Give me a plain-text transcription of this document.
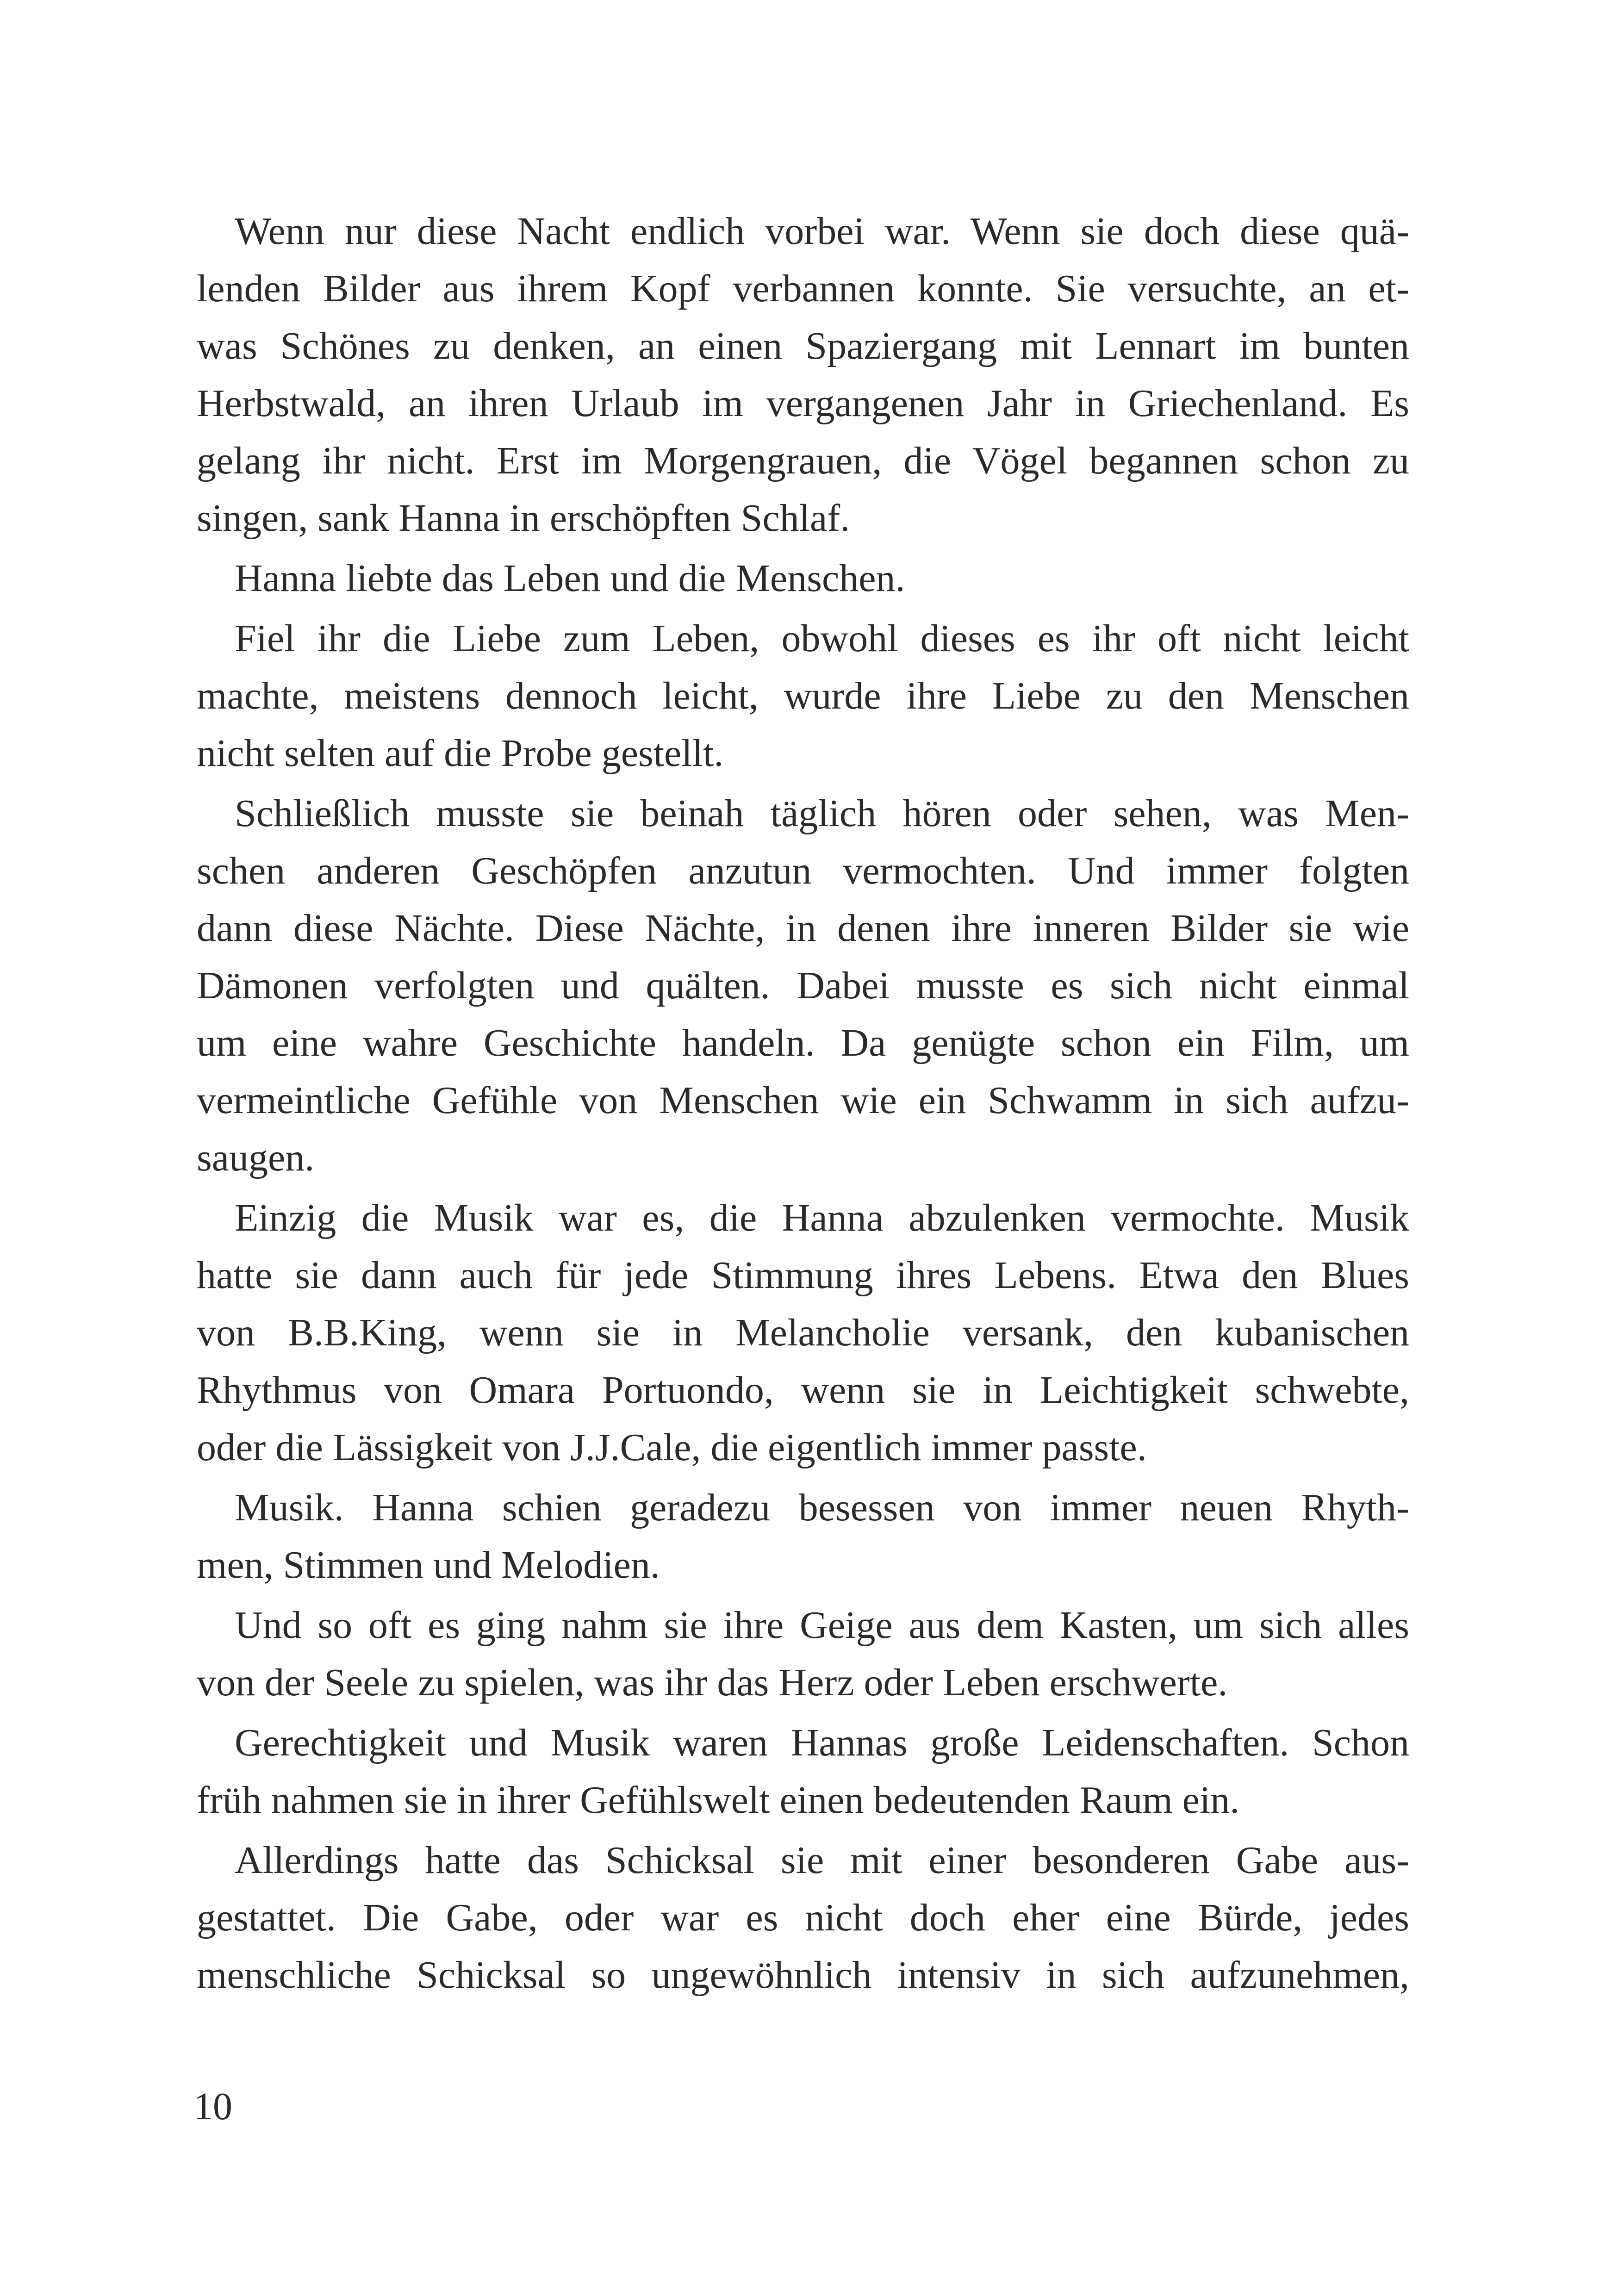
Wenn nur diese Nacht endlich vorbei war. Wenn sie doch diese quä-
lenden Bilder aus ihrem Kopf verbannen konnte. Sie versuchte, an et-
was Schönes zu denken, an einen Spaziergang mit Lennart im bunten
Herbstwald, an ihren Urlaub im vergangenen Jahr in Griechenland. Es
gelang ihr nicht. Erst im Morgengrauen, die Vögel begannen schon zu
singen, sank Hanna in erschöpften Schlaf.
Hanna liebte das Leben und die Menschen.
Fiel ihr die Liebe zum Leben, obwohl dieses es ihr oft nicht leicht
machte, meistens dennoch leicht, wurde ihre Liebe zu den Menschen
nicht selten auf die Probe gestellt.
Schließlich musste sie beinah täglich hören oder sehen, was Men-
schen anderen Geschöpfen anzutun vermochten. Und immer folgten
dann diese Nächte. Diese Nächte, in denen ihre inneren Bilder sie wie
Dämonen verfolgten und quälten. Dabei musste es sich nicht einmal
um eine wahre Geschichte handeln. Da genügte schon ein Film, um
vermeintliche Gefühle von Menschen wie ein Schwamm in sich aufzu-
saugen.
Einzig die Musik war es, die Hanna abzulenken vermochte. Musik
hatte sie dann auch für jede Stimmung ihres Lebens. Etwa den Blues
von B.B.King, wenn sie in Melancholie versank, den kubanischen
Rhythmus von Omara Portuondo, wenn sie in Leichtigkeit schwebte,
oder die Lässigkeit von J.J.Cale, die eigentlich immer passte.
Musik. Hanna schien geradezu besessen von immer neuen Rhyth-
men, Stimmen und Melodien.
Und so oft es ging nahm sie ihre Geige aus dem Kasten, um sich alles
von der Seele zu spielen, was ihr das Herz oder Leben erschwerte.
Gerechtigkeit und Musik waren Hannas große Leidenschaften. Schon
früh nahmen sie in ihrer Gefühlswelt einen bedeutenden Raum ein.
Allerdings hatte das Schicksal sie mit einer besonderen Gabe aus-
gestattet. Die Gabe, oder war es nicht doch eher eine Bürde, jedes
menschliche Schicksal so ungewöhnlich intensiv in sich aufzunehmen,
10
